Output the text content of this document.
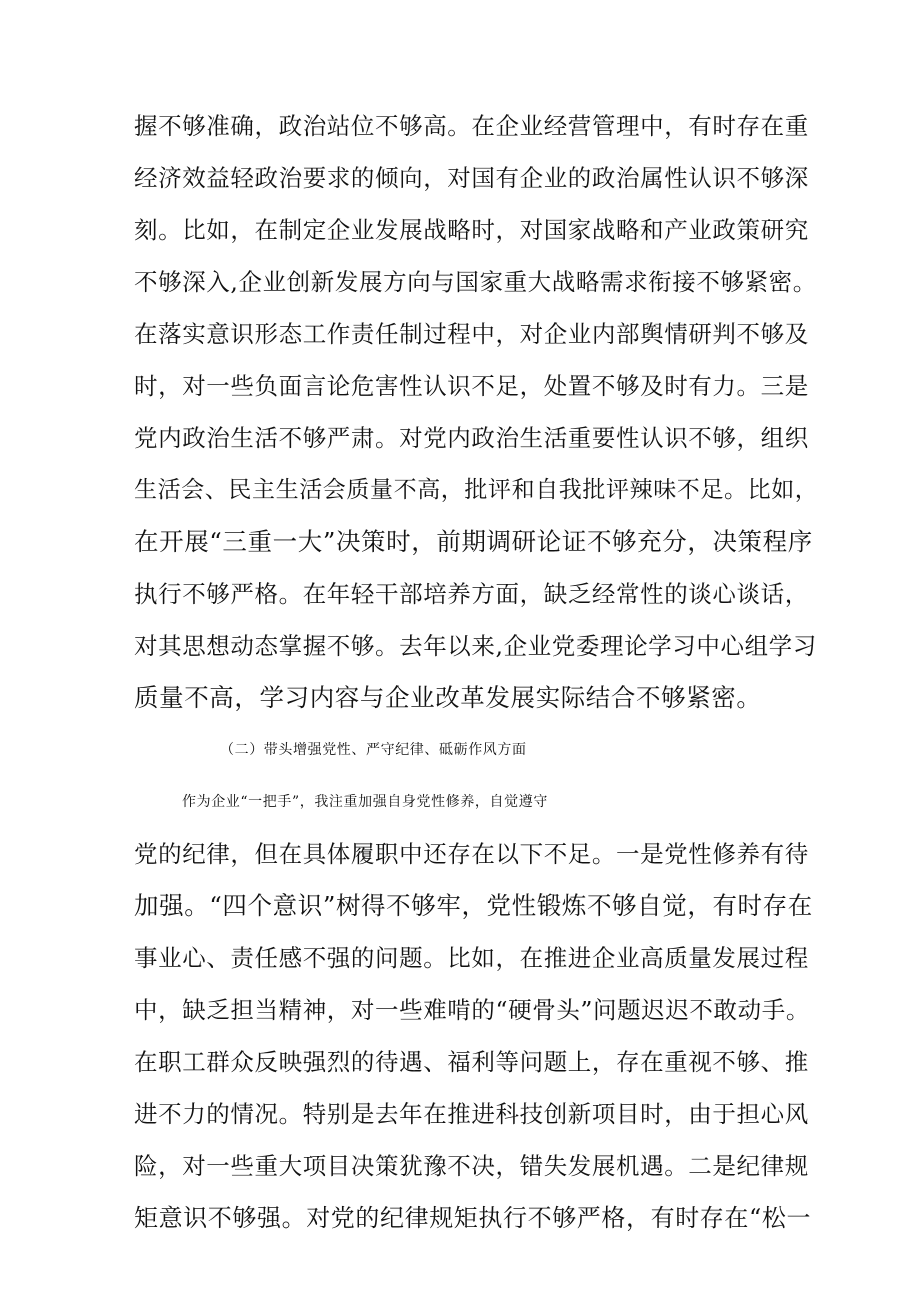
握不够准确，政治站位不够高。在企业经营管理中，有时存在重
经济效益轻政治要求的倾向，对国有企业的政治属性认识不够深
刻。比如，在制定企业发展战略时，对国家战略和产业政策研究
不够深入,企业创新发展方向与国家重大战略需求衔接不够紧密。
在落实意识形态工作责任制过程中，对企业内部舆情研判不够及
时，对一些负面言论危害性认识不足，处置不够及时有力。三是
党内政治生活不够严肃。对党内政治生活重要性认识不够，组织
生活会、民主生活会质量不高，批评和自我批评辣味不足。比如，
在开展“三重一大”决策时，前期调研论证不够充分，决策程序
执行不够严格。在年轻干部培养方面，缺乏经常性的谈心谈话，
对其思想动态掌握不够。去年以来,企业党委理论学习中心组学习
质量不高，学习内容与企业改革发展实际结合不够紧密。
（二）带头增强党性、严守纪律、砥砺作风方面
作为企业“一把手”，我注重加强自身党性修养，自觉遵守
党的纪律，但在具体履职中还存在以下不足。一是党性修养有待
加强。“四个意识”树得不够牢，党性锻炼不够自觉，有时存在
事业心、责任感不强的问题。比如，在推进企业高质量发展过程
中，缺乏担当精神，对一些难啃的“硬骨头”问题迟迟不敢动手。
在职工群众反映强烈的待遇、福利等问题上，存在重视不够、推
进不力的情况。特别是去年在推进科技创新项目时，由于担心风
险，对一些重大项目决策犹豫不决，错失发展机遇。二是纪律规
矩意识不够强。对党的纪律规矩执行不够严格，有时存在“松一
